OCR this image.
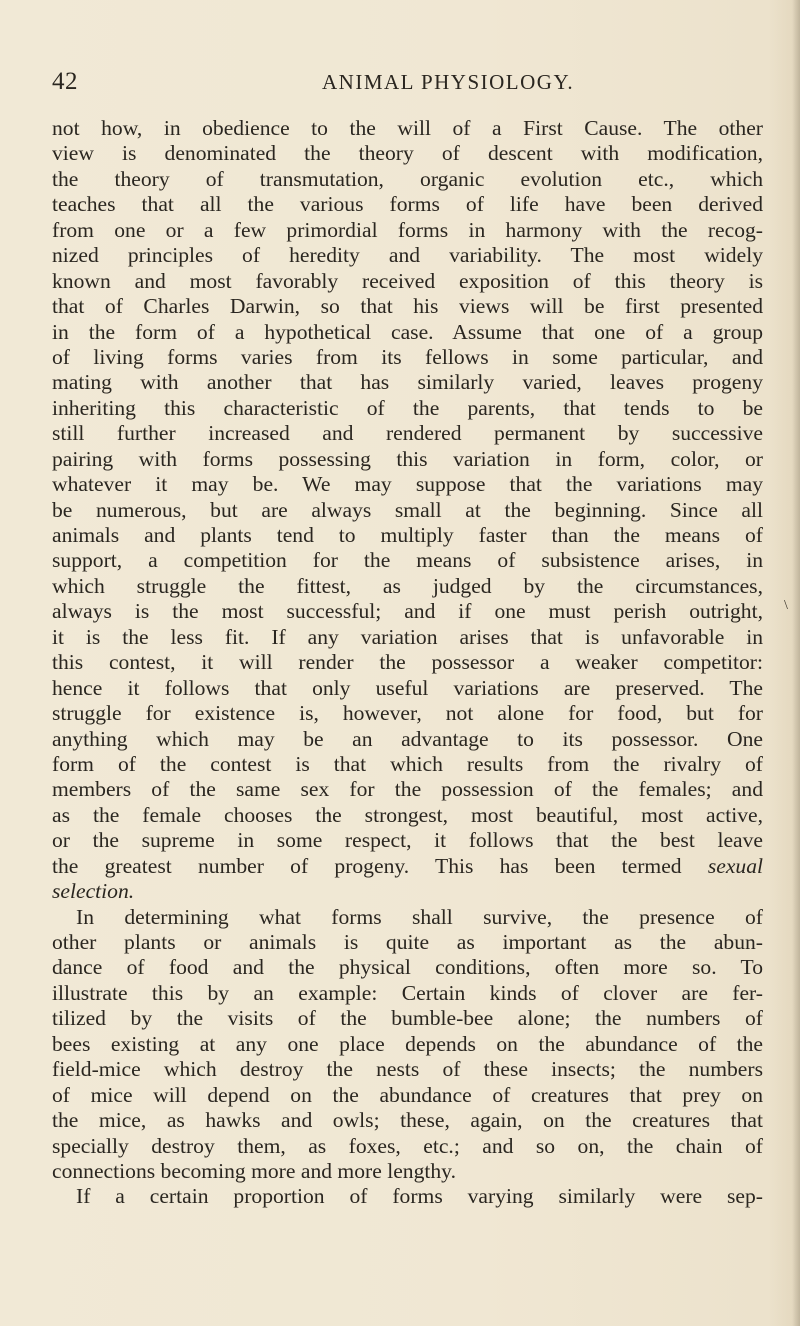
42	ANIMAL PHYSIOLOGY.
\
not how, in obedience to the will of a First Cause. The other
view is denominated the theory of descent with modification,
the theory of transmutation, organic evolution etc., which
teaches that all the various forms of life have been derived
from one or a few primordial forms in harmony with the recog-
nized principles of heredity and variability. The most widely
known and most favorably received exposition of this theory is
that of Charles Darwin, so that his views will be first presented
in the form of a hypothetical case. Assume that one of a group
of living forms varies from its fellows in some particular, and
mating with another that has similarly varied, leaves progeny
inheriting this characteristic of the parents, that tends to be
still further increased and rendered permanent by successive
pairing with forms possessing this variation in form, color, or
whatever it may be. We may suppose that the variations may
be numerous, but are always small at the beginning. Since all
animals and plants tend to multiply faster than the means of
support, a competition for the means of subsistence arises, in
which struggle the fittest, as judged by the circumstances,
always is the most successful; and if one must perish outright,
it is the less fit. If any variation arises that is unfavorable in
this contest, it will render the possessor a weaker competitor:
hence it follows that only useful variations are preserved. The
struggle for existence is, however, not alone for food, but for
anything which may be an advantage to its possessor. One
form of the contest is that which results from the rivalry of
members of the same sex for the possession of the females; and
as the female chooses the strongest, most beautiful, most active,
or the supreme in some respect, it follows that the best leave
the greatest number of progeny. This has been termed sexual
selection.
In determining what forms shall survive, the presence of
other plants or animals is quite as important as the abun-
dance of food and the physical conditions, often more so. To
illustrate this by an example: Certain kinds of clover are fer-
tilized by the visits of the bumble-bee alone; the numbers of
bees existing at any one place depends on the abundance of the
field-mice which destroy the nests of these insects; the numbers
of mice will depend on the abundance of creatures that prey on
the mice, as hawks and owls; these, again, on the creatures that
specially destroy them, as foxes, etc.; and so on, the chain of
connections becoming more and more lengthy.
If a certain proportion of forms varying similarly were sep-
